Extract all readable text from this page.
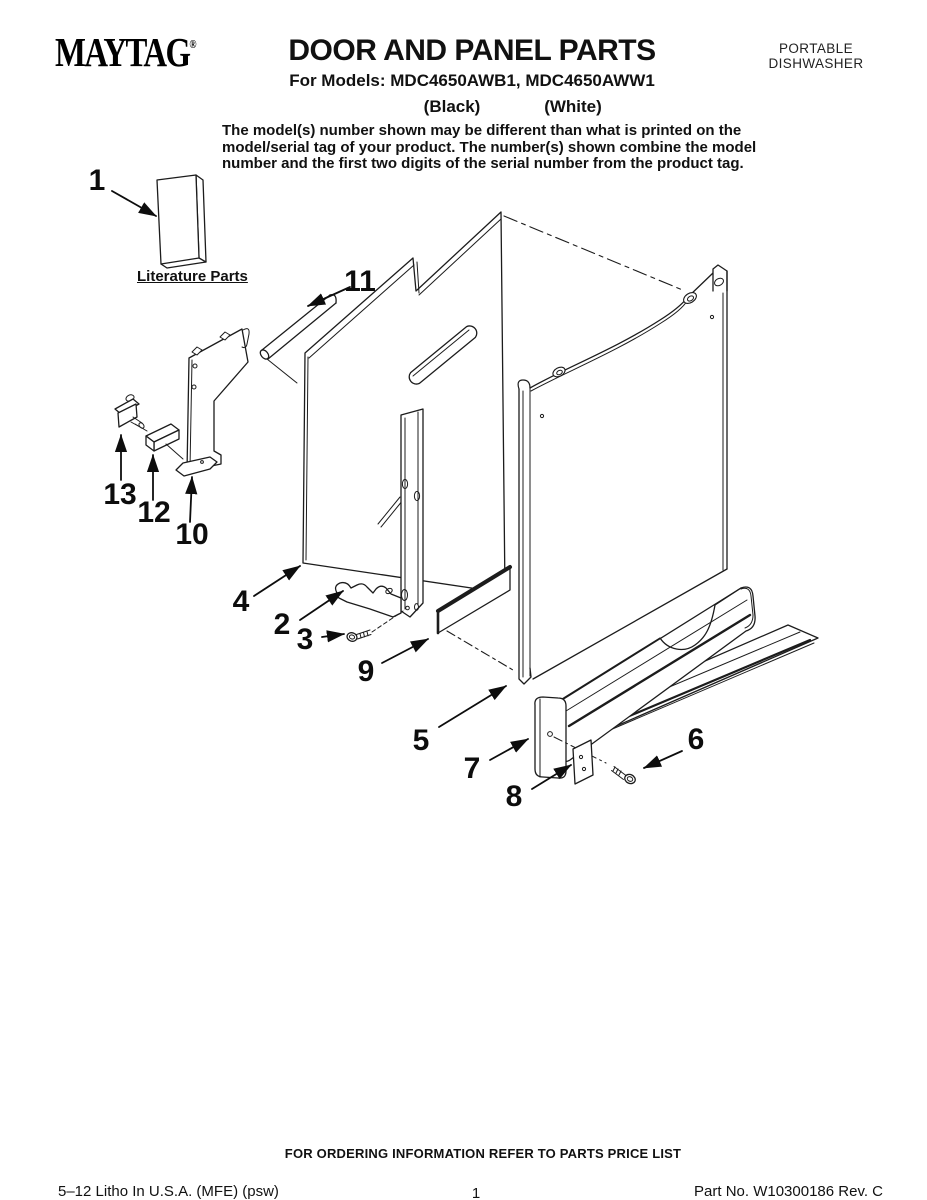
MAYTAG®	DOOR AND PANEL PARTS
For Models: MDC4650AWB1, MDC4650AWW1
(Black)	(White)
PORTABLE
DISHWASHER
The model(s) number shown may be different than what is printed on the
model/serial tag of your product. The number(s) shown combine the model
number and the first two digits of the serial number from the product tag.
Literature Parts
1
2 3
4
5	6
7
8
9
10
11
12
13
FOR ORDERING INFORMATION REFER TO PARTS PRICE LIST
5–12 Litho In U.S.A. (MFE) (psw)	1	Part No. W10300186 Rev. C
